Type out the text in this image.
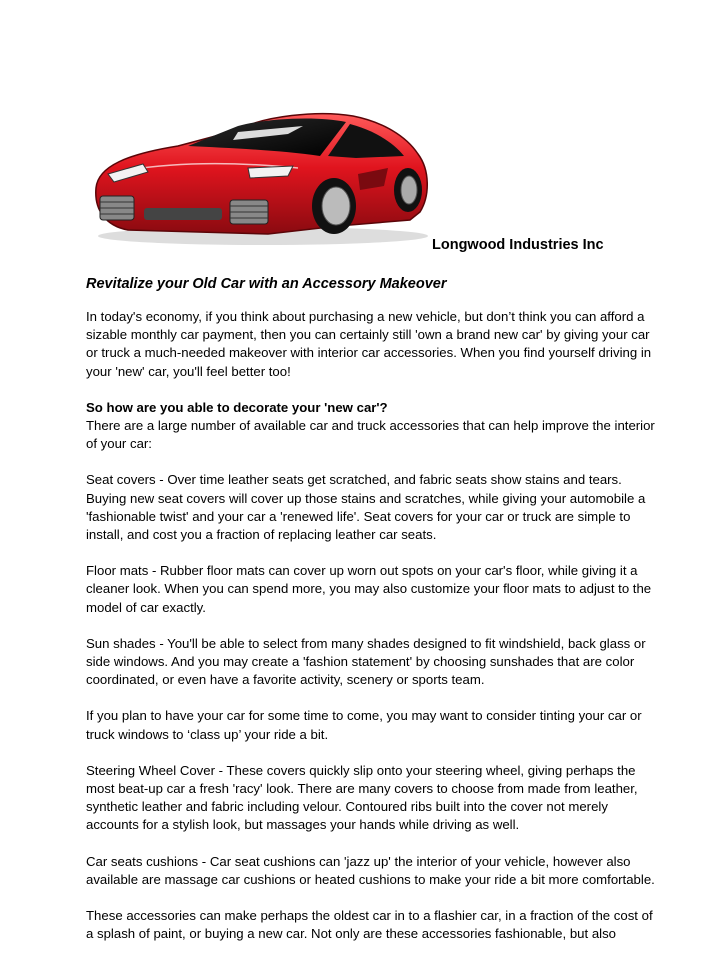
Longwood Industries Inc
Revitalize your Old Car with an Accessory Makeover

In today's economy, if you think about purchasing a new vehicle, but don’t think you can afford a sizable monthly car payment, then you can certainly still 'own a brand new car' by giving your car or truck a much-needed makeover with interior car accessories. When you find yourself driving in your 'new' car, you'll feel better too!

So how are you able to decorate your 'new car'?
There are a large number of available car and truck accessories that can help improve the interior of your car:

Seat covers - Over time leather seats get scratched, and fabric seats show stains and tears. Buying new seat covers will cover up those stains and scratches, while giving your automobile a 'fashionable twist' and your car a 'renewed life'. Seat covers for your car or truck are simple to install, and cost you a fraction of replacing leather car seats.

Floor mats - Rubber floor mats can cover up worn out spots on your car's floor, while giving it a cleaner look. When you can spend more, you may also customize your floor mats to adjust to the model of car exactly.

Sun shades - You'll be able to select from many shades designed to fit windshield, back glass or side windows. And you may create a 'fashion statement' by choosing sunshades that are color coordinated, or even have a favorite activity, scenery or sports team.

If you plan to have your car for some time to come, you may want to consider tinting your car or truck windows to ‘class up’ your ride a bit.

Steering Wheel Cover - These covers quickly slip onto your steering wheel, giving perhaps the most beat-up car a fresh 'racy' look. There are many covers to choose from made from leather, synthetic leather and fabric including velour. Contoured ribs built into the cover not merely accounts for a stylish look, but massages your hands while driving as well.

Car seats cushions - Car seat cushions can 'jazz up' the interior of your vehicle, however also available are massage car cushions or heated cushions to make your ride a bit more comfortable.

These accessories can make perhaps the oldest car in to a flashier car, in a fraction of the cost of a splash of paint, or buying a new car. Not only are these accessories fashionable, but also
